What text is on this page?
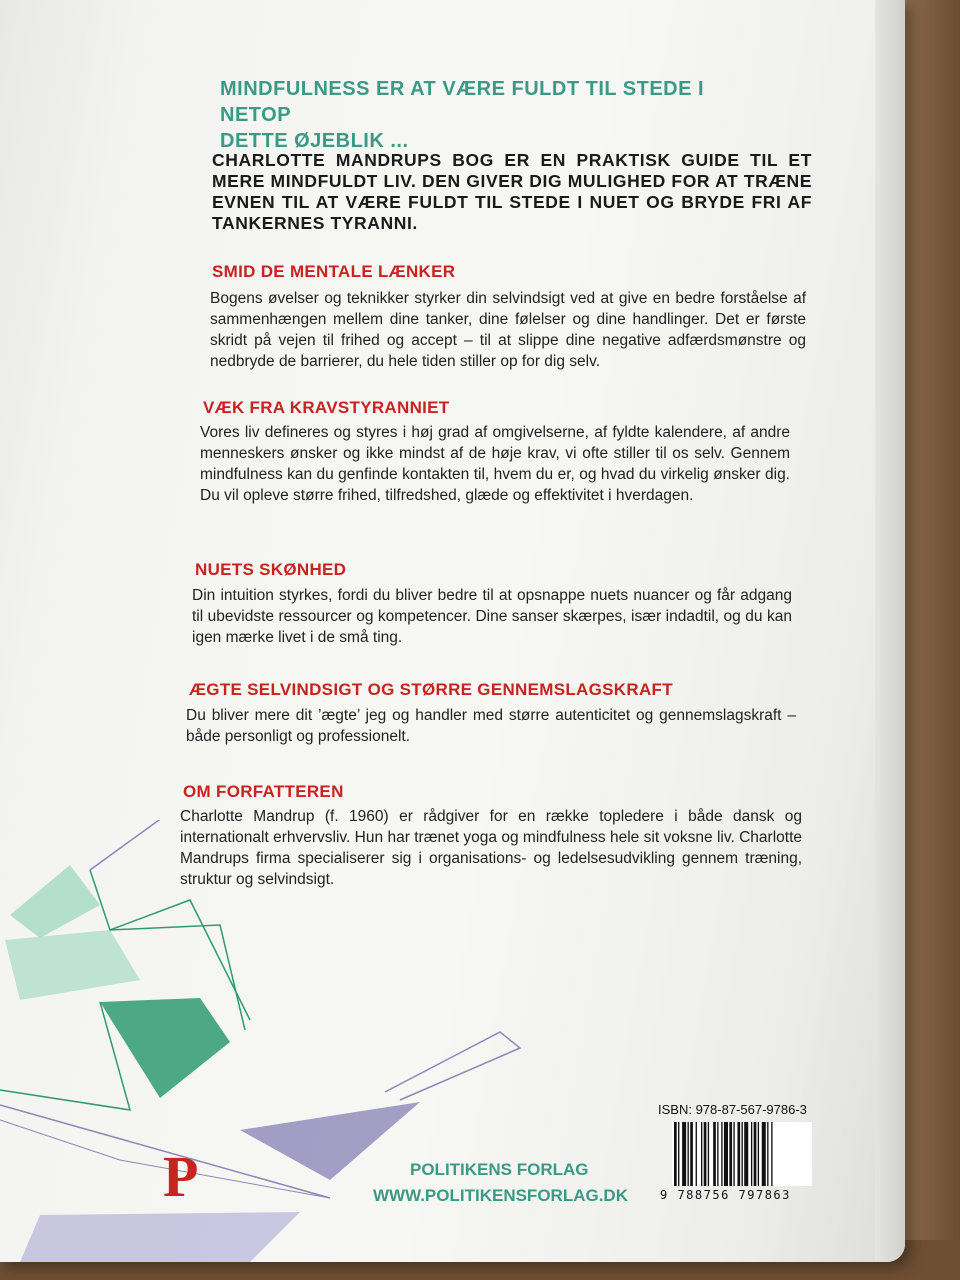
MINDFULNESS ER AT VÆRE FULDT TIL STEDE I NETOP
DETTE ØJEBLIK ...

CHARLOTTE MANDRUPS BOG ER EN PRAKTISK GUIDE TIL ET MERE MINDFULDT LIV. DEN GIVER DIG MULIGHED FOR AT TRÆNE EVNEN TIL AT VÆRE FULDT TIL STEDE I NUET OG BRYDE FRI AF TANKERNES TYRANNI.

SMID DE MENTALE LÆNKER

Bogens øvelser og teknikker styrker din selvindsigt ved at give en bedre forståelse af sammenhængen mellem dine tanker, dine følelser og dine handlinger. Det er første skridt på vejen til frihed og accept – til at slippe dine negative adfærdsmønstre og nedbryde de barrierer, du hele tiden stiller op for dig selv.

VÆK FRA KRAVSTYRANNIET

Vores liv defineres og styres i høj grad af omgivelserne, af fyldte kalendere, af andre menneskers ønsker og ikke mindst af de høje krav, vi ofte stiller til os selv. Gennem mindfulness kan du genfinde kontakten til, hvem du er, og hvad du virkelig ønsker dig. Du vil opleve større frihed, tilfredshed, glæde og effektivitet i hverdagen.

NUETS SKØNHED

Din intuition styrkes, fordi du bliver bedre til at opsnappe nuets nuancer og får adgang til ubevidste ressourcer og kompetencer. Dine sanser skærpes, især indadtil, og du kan igen mærke livet i de små ting.

ÆGTE SELVINDSIGT OG STØRRE GENNEMSLAGSKRAFT

Du bliver mere dit ’ægte’ jeg og handler med større autenticitet og gennemslagskraft – både personligt og professionelt.

OM FORFATTEREN

Charlotte Mandrup (f. 1960) er rådgiver for en række topledere i både dansk og internationalt erhvervsliv. Hun har trænet yoga og mindfulness hele sit voksne liv. Charlotte Mandrups firma specialiserer sig i organisations- og ledelsesudvikling gennem træning, struktur og selvindsigt.

ISBN: 978-87-567-9786-3

9 788756 797863

P	POLITIKENS FORLAG

WWW.POLITIKENSFORLAG.DK
